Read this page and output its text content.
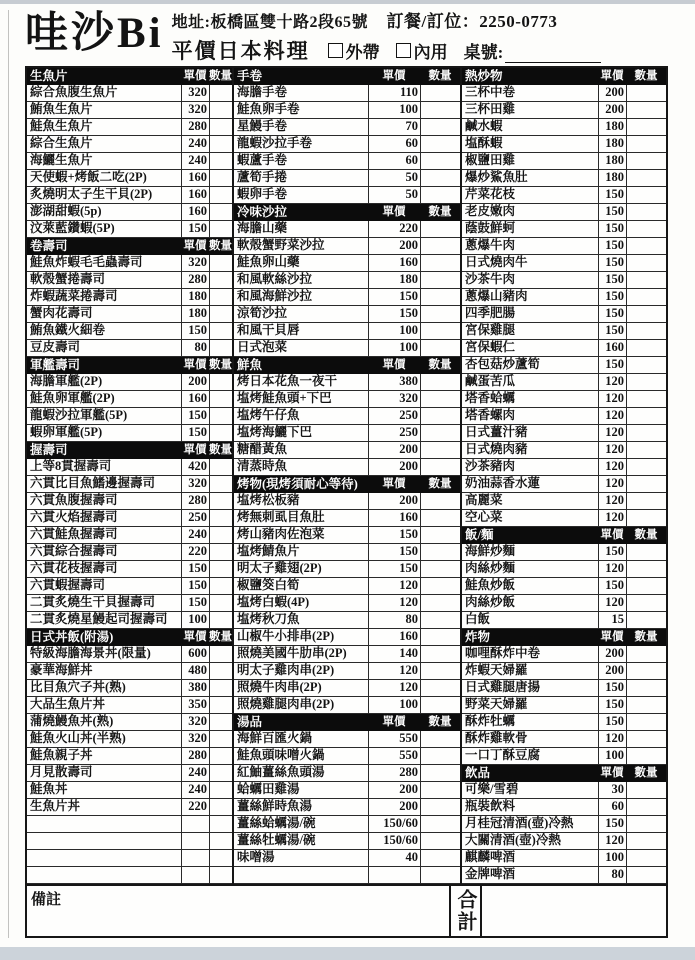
哇沙Bi 地址:板橋區雙十路2段65號 訂餐/訂位：2250-0773
平價日本料理 外帶 內用 桌號:
生魚片	單價 數量
綜合魚腹生魚片	320
鮪魚生魚片	320
鮭魚生魚片	280
綜合生魚片	240
海鱺生魚片	240
天使蝦+烤飯二吃(2P)	160
炙燒明太子生干貝(2P)	160
澎湖甜蝦(5p)	160
汶萊藍鑽蝦(5P)	150
卷壽司	單價 數量
鮭魚炸蝦毛毛蟲壽司	320
軟殼蟹捲壽司	280
炸蝦蔬菜捲壽司	180
蟹肉花壽司	180
鮪魚鐵火細卷	150
豆皮壽司	80
軍艦壽司	單價 數量
海膽軍艦(2P)	200
鮭魚卵軍艦(2P)	160
龍蝦沙拉軍艦(5P)	150
蝦卵軍艦(5P)	150
握壽司	單價 數量
上等8貫握壽司	420
六貫比目魚鰭邊握壽司	320
六貫魚腹握壽司	280
六貫火焰握壽司	250
六貫鮭魚握壽司	240
六貫綜合握壽司	220
六貫花枝握壽司	150
六貫蝦握壽司	150
二貫炙燒生干貝握壽司	150
二貫炙燒星鰻起司握壽司	100
日式丼飯(附湯)	單價 數量
特級海膽海景丼(限量)	600
豪華海鮮丼	480
比目魚穴子丼(熟)	380
大品生魚片丼	350
蒲燒鰻魚丼(熟)	320
鮭魚火山丼(半熟)	320
鮭魚親子丼	280
月見散壽司	240
鮭魚丼	240
生魚片丼	220
手卷	單價	數量
海膽手卷	110
鮭魚卵手卷	100
星鰻手卷	70
龍蝦沙拉手卷	60
蝦蘆手卷	60
蘆筍手捲	50
蝦卵手卷	50
冷味沙拉	單價	數量
海膽山藥	220
軟殼蟹野菜沙拉	200
鮭魚卵山藥	160
和風軟絲沙拉	180
和風海鮮沙拉	150
涼筍沙拉	150
和風干貝唇	100
日式泡菜	100
鮮魚	單價	數量
烤日本花魚一夜干	380
塩烤鮭魚頭+下巴	320
塩烤午仔魚	250
塩烤海鱺下巴	250
糖醋黃魚	200
清蒸時魚	200
烤物(現烤須耐心等待)	單價	數量
塩烤松板豬	200
烤無刺虱目魚肚	160
烤山豬肉佐泡菜	150
塩烤鯖魚片	150
明太子雞翅(2P)	150
椒鹽筊白筍	120
塩烤白蝦(4P)	120
塩烤秋刀魚	80
山椒牛小排串(2P)	160
照燒美國牛肋串(2P)	140
明太子雞肉串(2P)	120
照燒牛肉串(2P)	120
照燒雞腿肉串(2P)	100
湯品	單價	數量
海鮮百匯火鍋	550
鮭魚頭味噌火鍋	550
紅鮋薑絲魚頭湯	280
蛤蠣田雞湯	200
薑絲鮮時魚湯	200
薑絲蛤蠣湯/碗	150/60
薑絲牡蠣湯/碗	150/60
味噌湯	40
熱炒物	單價 數量
三杯中卷	200
三杯田雞	200
鹹水蝦	180
塩酥蝦	180
椒鹽田雞	180
爆炒鯊魚肚	180
芹菜花枝	150
老皮嫩肉	150
蔭鼓鮮蚵	150
蔥爆牛肉	150
日式燒肉牛	150
沙茶牛肉	150
蔥爆山豬肉	150
四季肥腸	150
宮保雞腿	150
宮保蝦仁	160
杏包菇炒蘆筍	150
鹹蛋苦瓜	120
塔香蛤蠣	120
塔香螺肉	120
日式薑汁豬	120
日式燒肉豬	120
沙茶豬肉	120
奶油蒜香水蓮	120
高麗菜	120
空心菜	120
飯/麵	單價 數量
海鮮炒麵	150
肉絲炒麵	120
鮭魚炒飯	150
肉絲炒飯	120
白飯	15
炸物	單價 數量
咖哩酥炸中卷	200
炸蝦天婦羅	200
日式雞腿唐揚	150
野菜天婦羅	150
酥炸牡蠣	150
酥炸雞軟骨	120
一口丁酥豆腐	100
飲品	單價 數量
可樂/雪碧	30
瓶裝飲料	60
月桂冠清酒(壺)冷熱	150
大關清酒(壺)冷熱	120
麒麟啤酒	100
金牌啤酒	80
備註	合計
